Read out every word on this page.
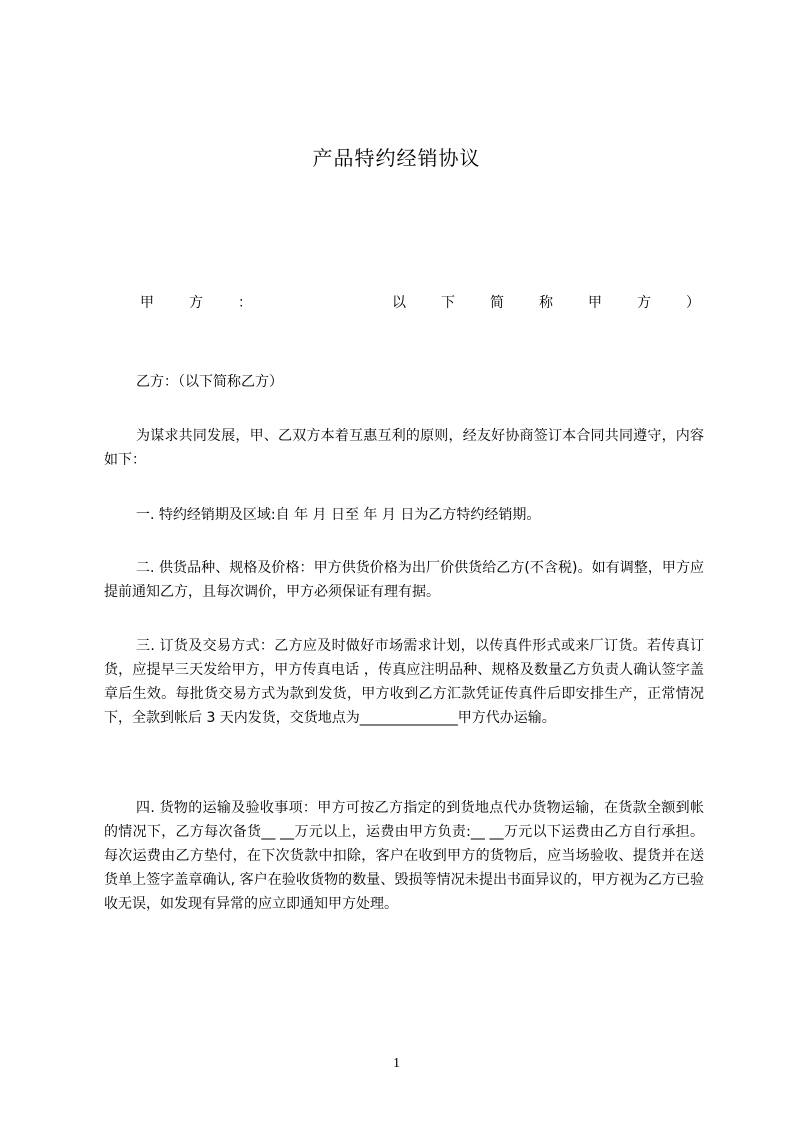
产品特约经销协议
甲	方	：	以	下	简	称	甲	方	）

乙方：（以下简称乙方）

为谋求共同发展，甲、乙双方本着互惠互利的原则，经友好协商签订本合同共同遵守，内容如下：

一. 特约经销期及区域:自 年 月 日至 年 月 日为乙方特约经销期。

二. 供货品种、规格及价格：甲方供货价格为出厂价供货给乙方(不含税)。如有调整，甲方应提前通知乙方，且每次调价，甲方必须保证有理有据。

三. 订货及交易方式：乙方应及时做好市场需求计划，以传真件形式或来厂订货。若传真订货，应提早三天发给甲方，甲方传真电话 ，传真应注明品种、规格及数量乙方负责人确认签字盖章后生效。每批货交易方式为款到发货，甲方收到乙方汇款凭证传真件后即安排生产，正常情况下，全款到帐后 3 天内发货，交货地点为______________甲方代办运输。

四. 货物的运输及验收事项：甲方可按乙方指定的到货地点代办货物运输，在货款全额到帐的情况下，乙方每次备货__ __万元以上，运费由甲方负责:__ __万元以下运费由乙方自行承担。每次运费由乙方垫付，在下次货款中扣除，客户在收到甲方的货物后，应当场验收、提货并在送货单上签字盖章确认, 客户在验收货物的数量、毁损等情况未提出书面异议的，甲方视为乙方已验收无误，如发现有异常的应立即通知甲方处理。

1
